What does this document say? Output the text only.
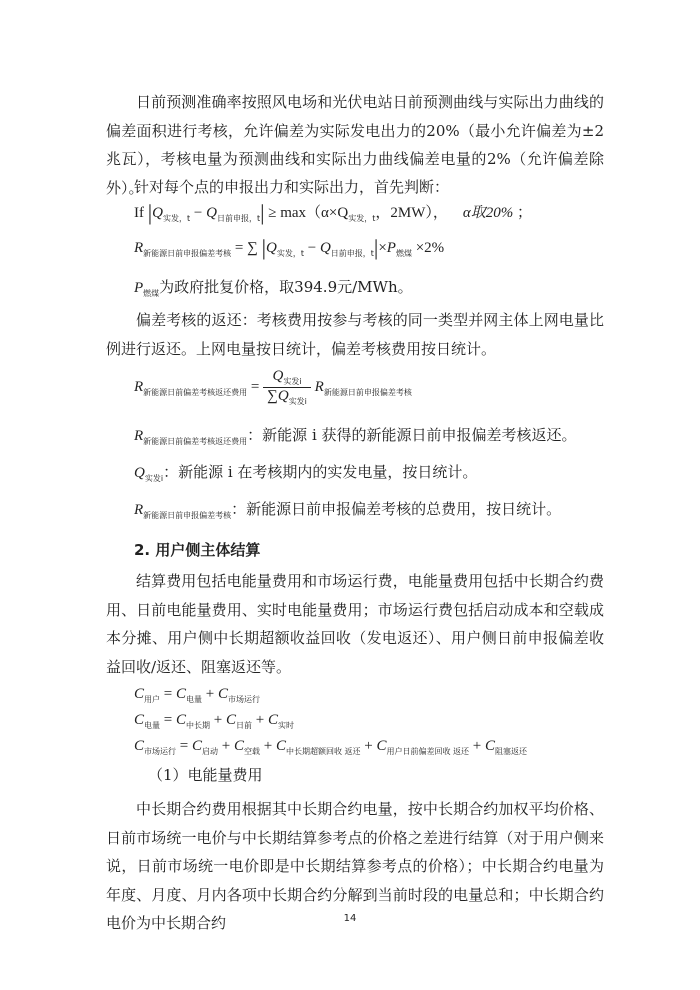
日前预测准确率按照风电场和光伏电站日前预测曲线与实际出力曲线的偏差面积进行考核，允许偏差为实际发电出力的20%（最小允许偏差为±2兆瓦），考核电量为预测曲线和实际出力曲线偏差电量的2%（允许偏差除外）。
针对每个点的申报出力和实际出力，首先判断：
If $|Q_{实发,t} - Q_{日前申报,t}| \ge \max(\alpha\times Q_{实发,t}$，2MW）， α取20% ；
$R_{新能源日前申报偏差考核}$ = ∑ $|Q_{实发,t} - Q_{日前申报,t}|\times P_{燃煤} \times 2\%$
$P_{燃煤}$为政府批复价格，取394.9元/MWh。
偏差考核的返还：考核费用按参与考核的同一类型并网主体上网电量比例进行返还。上网电量按日统计，偏差考核费用按日统计。
$R_{新能源日前偏差考核返还费用} = \frac{Q_{实发i}}{\sum Q_{实发i}} R_{新能源日前申报偏差考核}$
$R_{新能源日前偏差考核返还费用}$：新能源 i 获得的新能源日前申报偏差考核返还。
$Q_{实发i}$：新能源 i 在考核期内的实发电量，按日统计。
$R_{新能源日前申报偏差考核}$：新能源日前申报偏差考核的总费用，按日统计。
2. 用户侧主体结算
结算费用包括电能量费用和市场运行费，电能量费用包括中长期合约费用、日前电能量费用、实时电能量费用；市场运行费包括启动成本和空载成本分摊、用户侧中长期超额收益回收（发电返还）、用户侧日前申报偏差收益回收/返还、阻塞返还等。
$C_{用户} = C_{电量} + C_{市场运行}$
$C_{电量} = C_{中长期} + C_{日前} + C_{实时}$
$C_{市场运行} = C_{启动} + C_{空载} + C_{中长期超额回收 返还} + C_{用户日前偏差回收 返还} + C_{阻塞返还}$
（1）电能量费用
中长期合约费用根据其中长期合约电量，按中长期合约加权平均价格、日前市场统一电价与中长期结算参考点的价格之差进行结算（对于用户侧来说，日前市场统一电价即是中长期结算参考点的价格）；中长期合约电量为年度、月度、月内各项中长期合约分解到当前时段的电量总和；中长期合约电价为中长期合约	14
